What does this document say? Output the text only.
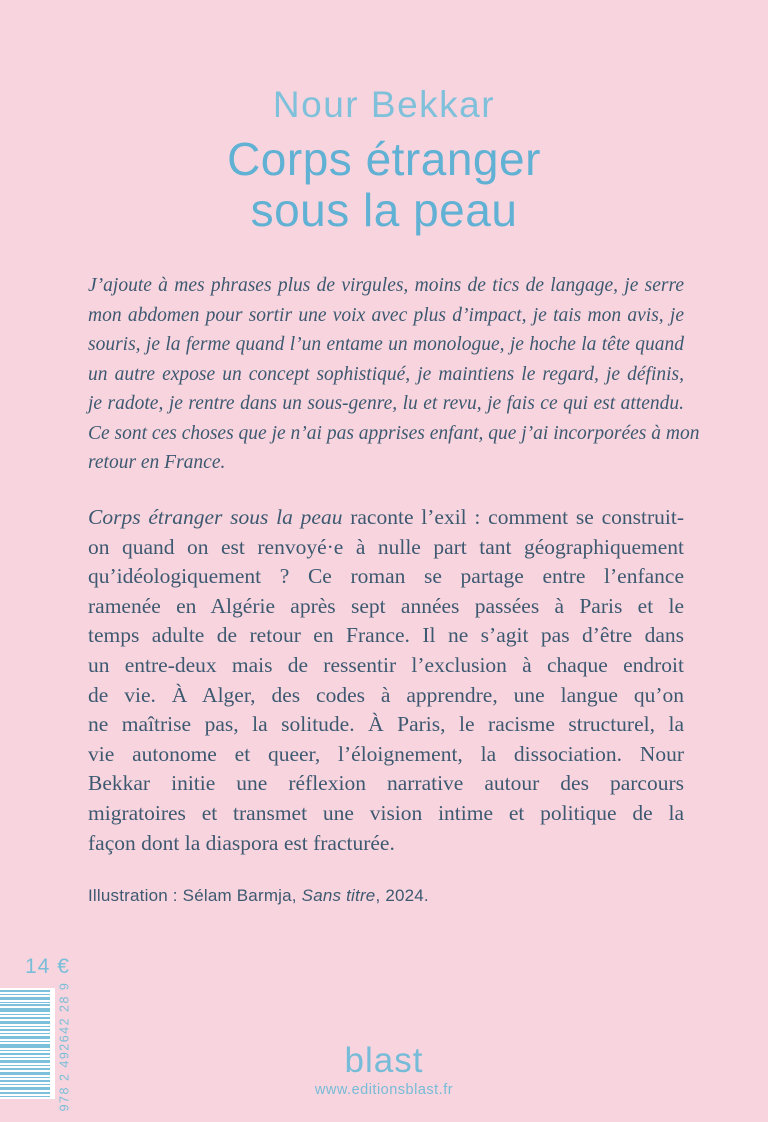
Nour Bekkar
Corps étranger
sous la peau
J’ajoute à mes phrases plus de virgules, moins de tics de langage, je serre
mon abdomen pour sortir une voix avec plus d’impact, je tais mon avis, je
souris, je la ferme quand l’un entame un monologue, je hoche la tête quand
un autre expose un concept sophistiqué, je maintiens le regard, je définis,
je radote, je rentre dans un sous-genre, lu et revu, je fais ce qui est attendu.
Ce sont ces choses que je n’ai pas apprises enfant, que j’ai incorporées à mon
retour en France.
Corps étranger sous la peau raconte l’exil : comment se construit-
on quand on est renvoyé·e à nulle part tant géographiquement
qu’idéologiquement ? Ce roman se partage entre l’enfance
ramenée en Algérie après sept années passées à Paris et le
temps adulte de retour en France. Il ne s’agit pas d’être dans
un entre-deux mais de ressentir l’exclusion à chaque endroit
de vie. À Alger, des codes à apprendre, une langue qu’on
ne maîtrise pas, la solitude. À Paris, le racisme structurel, la
vie autonome et queer, l’éloignement, la dissociation. Nour
Bekkar initie une réflexion narrative autour des parcours
migratoires et transmet une vision intime et politique de la
façon dont la diaspora est fracturée.
Illustration : Sélam Barmja, Sans titre, 2024.
14 €
978 2 492642 28 9	blast
www.editionsblast.fr
